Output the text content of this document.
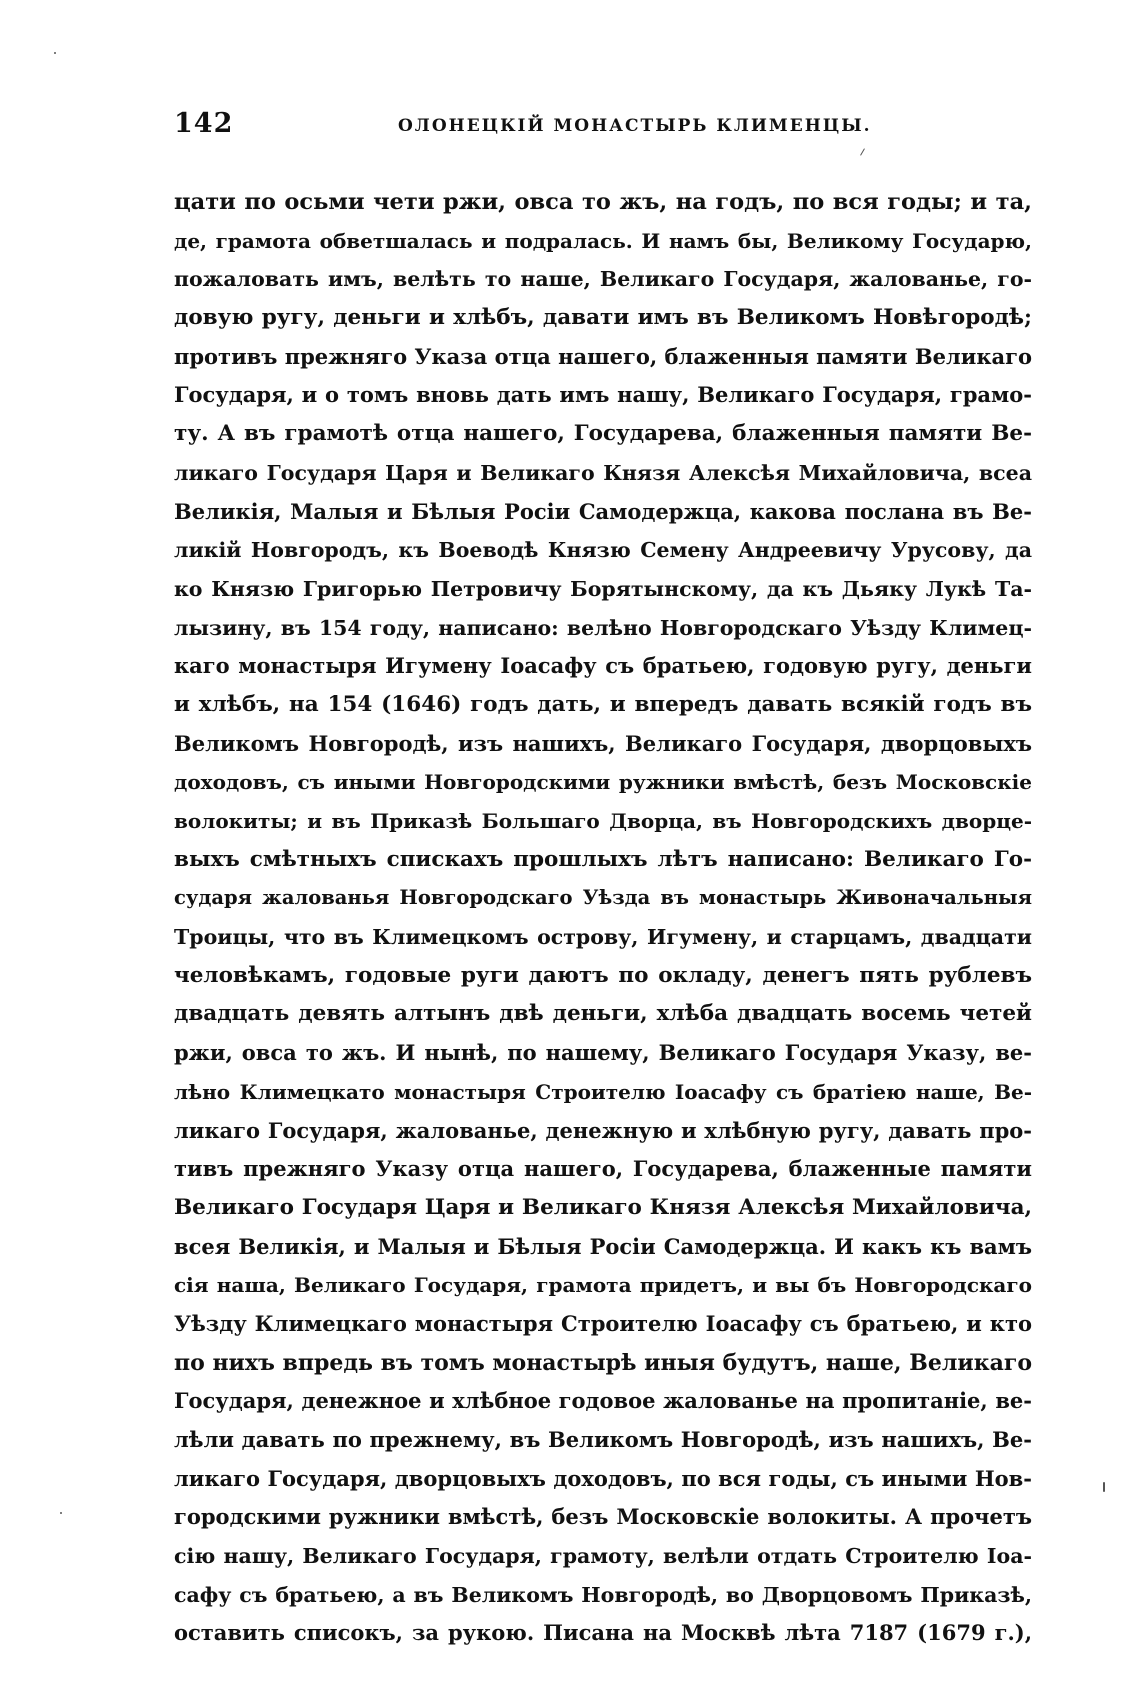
142	ОЛОНЕЦКІЙ МОНАСТЫРЬ КЛИМЕНЦЫ.
цати по осьми чети ржи, овса то жъ, на годъ, по вся годы; и та,
де, грамота обветшалась и подралась. И намъ бы, Великому Государю,
пожаловать имъ, велѣть то наше, Великаго Государя, жалованье, го-
довую ругу, деньги и хлѣбъ, давати имъ въ Великомъ Новѣгородѣ;
противъ прежняго Указа отца нашего, блаженныя памяти Великаго
Государя, и о томъ вновь дать имъ нашу, Великаго Государя, грамо-
ту. А въ грамотѣ отца нашего, Государева, блаженныя памяти Ве-
ликаго Государя Царя и Великаго Князя Алексѣя Михайловича, всеа
Великія, Малыя и Бѣлыя Росіи Самодержца, какова послана въ Ве-
ликій Новгородъ, къ Воеводѣ Князю Семену Андреевичу Урусову, да
ко Князю Григорью Петровичу Борятынскому, да къ Дьяку Лукѣ Та-
лызину, въ 154 году, написано: велѣно Новгородскаго Уѣзду Климец-
каго монастыря Игумену Іоасафу съ братьею, годовую ругу, деньги
и хлѣбъ, на 154 (1646) годъ дать, и впередъ давать всякій годъ въ
Великомъ Новгородѣ, изъ нашихъ, Великаго Государя, дворцовыхъ
доходовъ, съ иными Новгородскими ружники вмѣстѣ, безъ Московскіе
волокиты; и въ Приказѣ Большаго Дворца, въ Новгородскихъ дворце-
выхъ смѣтныхъ спискахъ прошлыхъ лѣтъ написано: Великаго Го-
сударя жалованья Новгородскаго Уѣзда въ монастырь Живоначальныя
Троицы, что въ Климецкомъ острову, Игумену, и старцамъ, двадцати
человѣкамъ, годовые руги даютъ по окладу, денегъ пять рублевъ
двадцать девять алтынъ двѣ деньги, хлѣба двадцать восемь четей
ржи, овса то жъ. И нынѣ, по нашему, Великаго Государя Указу, ве-
лѣно Климецкато монастыря Строителю Іоасафу съ братіею наше, Ве-
ликаго Государя, жалованье, денежную и хлѣбную ругу, давать про-
тивъ прежняго Указу отца нашего, Государева, блаженные памяти
Великаго Государя Царя и Великаго Князя Алексѣя Михайловича,
всея Великія, и Малыя и Бѣлыя Росіи Самодержца. И какъ къ вамъ
сія наша, Великаго Государя, грамота придетъ, и вы бъ Новгородскаго
Уѣзду Климецкаго монастыря Строителю Іоасафу съ братьею, и кто
по нихъ впредь въ томъ монастырѣ иныя будутъ, наше, Великаго
Государя, денежное и хлѣбное годовое жалованье на пропитаніе, ве-
лѣли давать по прежнему, въ Великомъ Новгородѣ, изъ нашихъ, Ве-
ликаго Государя, дворцовыхъ доходовъ, по вся годы, съ иными Нов-
городскими ружники вмѣстѣ, безъ Московскіе волокиты. А прочетъ
сію нашу, Великаго Государя, грамоту, велѣли отдать Строителю Іоа-
сафу съ братьею, а въ Великомъ Новгородѣ, во Дворцовомъ Приказѣ,
оставить списокъ, за рукою. Писана на Москвѣ лѣта 7187 (1679 г.),
